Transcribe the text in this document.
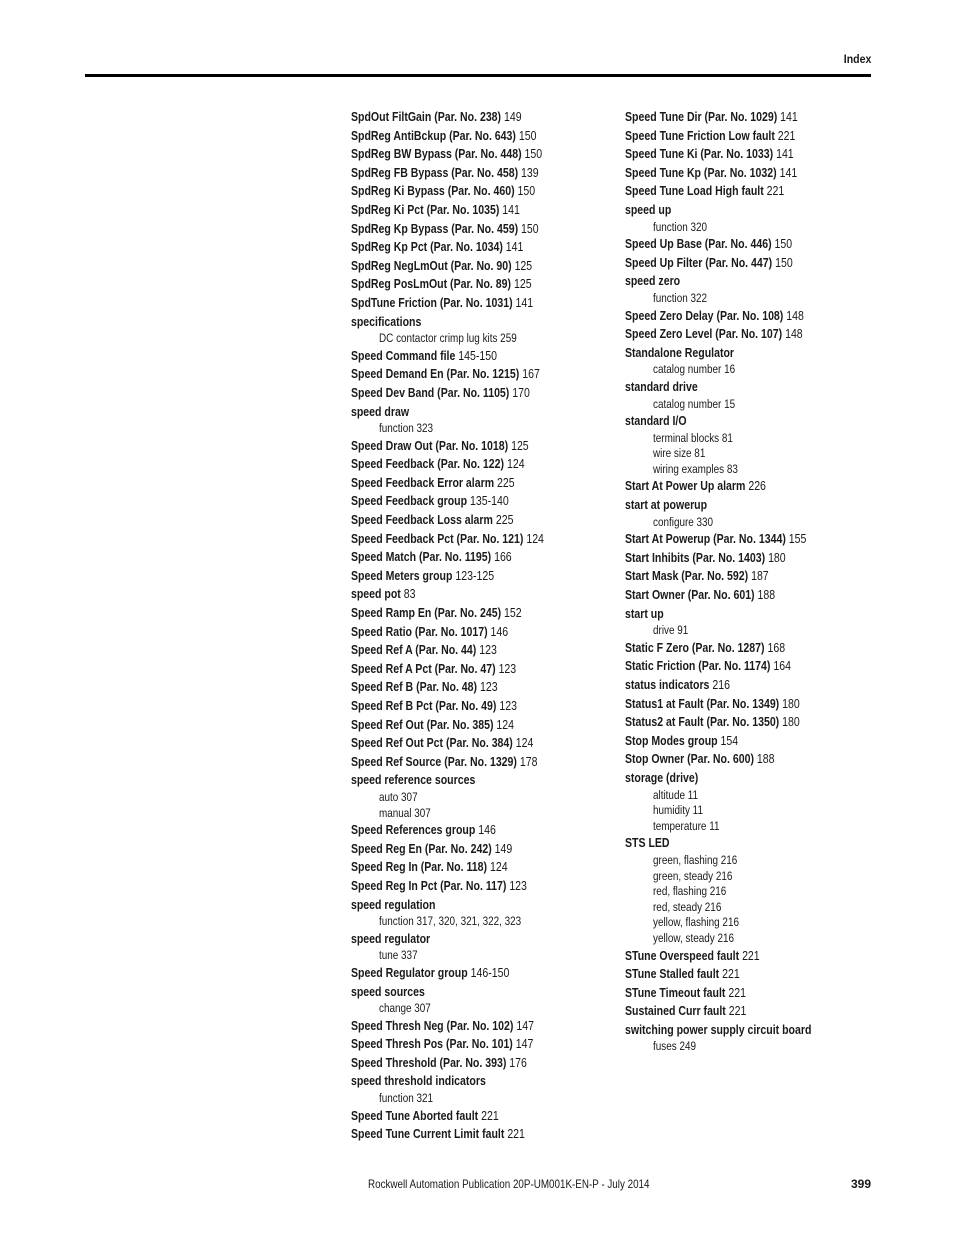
Index
SpdOut FiltGain (Par. No. 238) 149
SpdReg AntiBckup (Par. No. 643) 150
SpdReg BW Bypass (Par. No. 448) 150
SpdReg FB Bypass (Par. No. 458) 139
SpdReg Ki Bypass (Par. No. 460) 150
SpdReg Ki Pct (Par. No. 1035) 141
SpdReg Kp Bypass (Par. No. 459) 150
SpdReg Kp Pct (Par. No. 1034) 141
SpdReg NegLmOut (Par. No. 90) 125
SpdReg PosLmOut (Par. No. 89) 125
SpdTune Friction (Par. No. 1031) 141
specifications
DC contactor crimp lug kits 259
Speed Command file 145-150
Speed Demand En (Par. No. 1215) 167
Speed Dev Band (Par. No. 1105) 170
speed draw
function 323
Speed Draw Out (Par. No. 1018) 125
Speed Feedback (Par. No. 122) 124
Speed Feedback Error alarm 225
Speed Feedback group 135-140
Speed Feedback Loss alarm 225
Speed Feedback Pct (Par. No. 121) 124
Speed Match (Par. No. 1195) 166
Speed Meters group 123-125
speed pot 83
Speed Ramp En (Par. No. 245) 152
Speed Ratio (Par. No. 1017) 146
Speed Ref A (Par. No. 44) 123
Speed Ref A Pct (Par. No. 47) 123
Speed Ref B (Par. No. 48) 123
Speed Ref B Pct (Par. No. 49) 123
Speed Ref Out (Par. No. 385) 124
Speed Ref Out Pct (Par. No. 384) 124
Speed Ref Source (Par. No. 1329) 178
speed reference sources
auto 307
manual 307
Speed References group 146
Speed Reg En (Par. No. 242) 149
Speed Reg In (Par. No. 118) 124
Speed Reg In Pct (Par. No. 117) 123
speed regulation
function 317, 320, 321, 322, 323
speed regulator
tune 337
Speed Regulator group 146-150
speed sources
change 307
Speed Thresh Neg (Par. No. 102) 147
Speed Thresh Pos (Par. No. 101) 147
Speed Threshold (Par. No. 393) 176
speed threshold indicators
function 321
Speed Tune Aborted fault 221
Speed Tune Current Limit fault 221
Speed Tune Dir (Par. No. 1029) 141
Speed Tune Friction Low fault 221
Speed Tune Ki (Par. No. 1033) 141
Speed Tune Kp (Par. No. 1032) 141
Speed Tune Load High fault 221
speed up
function 320
Speed Up Base (Par. No. 446) 150
Speed Up Filter (Par. No. 447) 150
speed zero
function 322
Speed Zero Delay (Par. No. 108) 148
Speed Zero Level (Par. No. 107) 148
Standalone Regulator
catalog number 16
standard drive
catalog number 15
standard I/O
terminal blocks 81
wire size 81
wiring examples 83
Start At Power Up alarm 226
start at powerup
configure 330
Start At Powerup (Par. No. 1344) 155
Start Inhibits (Par. No. 1403) 180
Start Mask (Par. No. 592) 187
Start Owner (Par. No. 601) 188
start up
drive 91
Static F Zero (Par. No. 1287) 168
Static Friction (Par. No. 1174) 164
status indicators 216
Status1 at Fault (Par. No. 1349) 180
Status2 at Fault (Par. No. 1350) 180
Stop Modes group 154
Stop Owner (Par. No. 600) 188
storage (drive)
altitude 11
humidity 11
temperature 11
STS LED
green, flashing 216
green, steady 216
red, flashing 216
red, steady 216
yellow, flashing 216
yellow, steady 216
STune Overspeed fault 221
STune Stalled fault 221
STune Timeout fault 221
Sustained Curr fault 221
switching power supply circuit board
fuses 249
Rockwell Automation Publication 20P-UM001K-EN-P - July 2014	399
